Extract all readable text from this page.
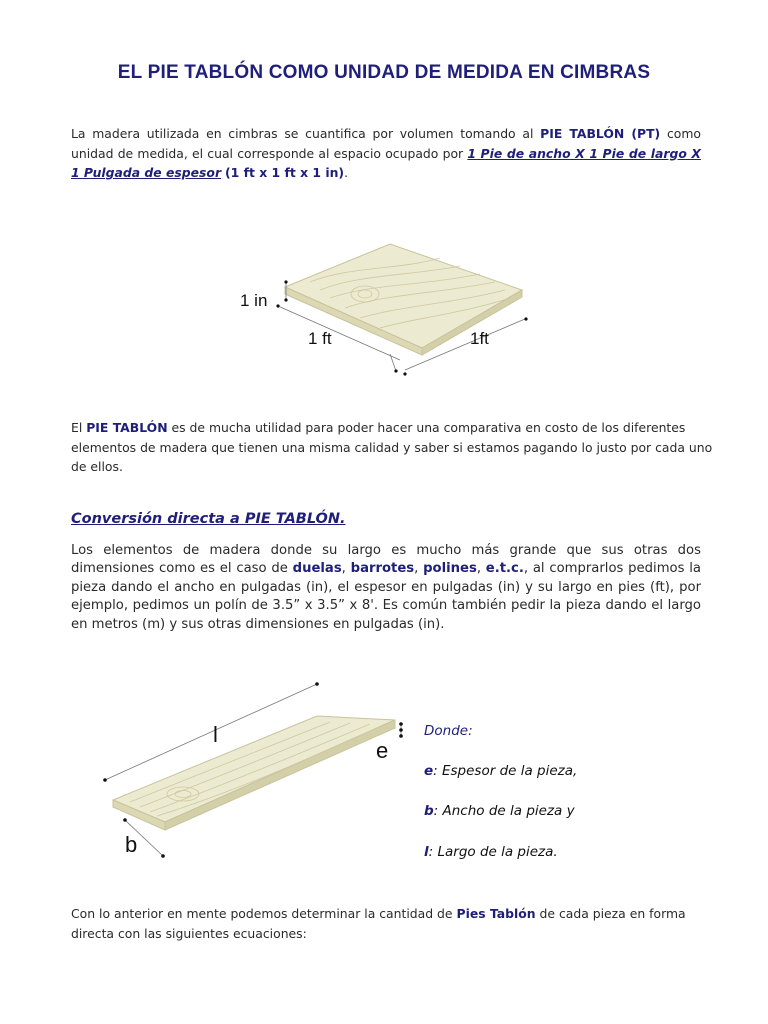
EL PIE TABLÓN COMO UNIDAD DE MEDIDA EN CIMBRAS

La madera utilizada en cimbras se cuantifica por volumen tomando al PIE TABLÓN (PT) como unidad de medida, el cual corresponde al espacio ocupado por 1 Pie de ancho X 1 Pie de largo X 1 Pulgada de espesor (1 ft x 1 ft x 1 in).

1 in
1 ft	1ft

El PIE TABLÓN es de mucha utilidad para poder hacer una comparativa en costo de los diferentes elementos de madera que tienen una misma calidad y saber si estamos pagando lo justo por cada uno de ellos.

Conversión directa a PIE TABLÓN.

Los elementos de madera donde su largo es mucho más grande que sus otras dos dimensiones como es el caso de duelas, barrotes, polines, e.t.c., al comprarlos pedimos la pieza dando el ancho en pulgadas (in), el espesor en pulgadas (in) y su largo en pies (ft), por ejemplo, pedimos un polín de 3.5” x 3.5” x 8'. Es común también pedir la pieza dando el largo en metros (m) y sus otras dimensiones en pulgadas (in).

l
e
b
Donde:
e: Espesor de la pieza,
b: Ancho de la pieza y
l: Largo de la pieza.

Con lo anterior en mente podemos determinar la cantidad de Pies Tablón de cada pieza en forma directa con las siguientes ecuaciones:
